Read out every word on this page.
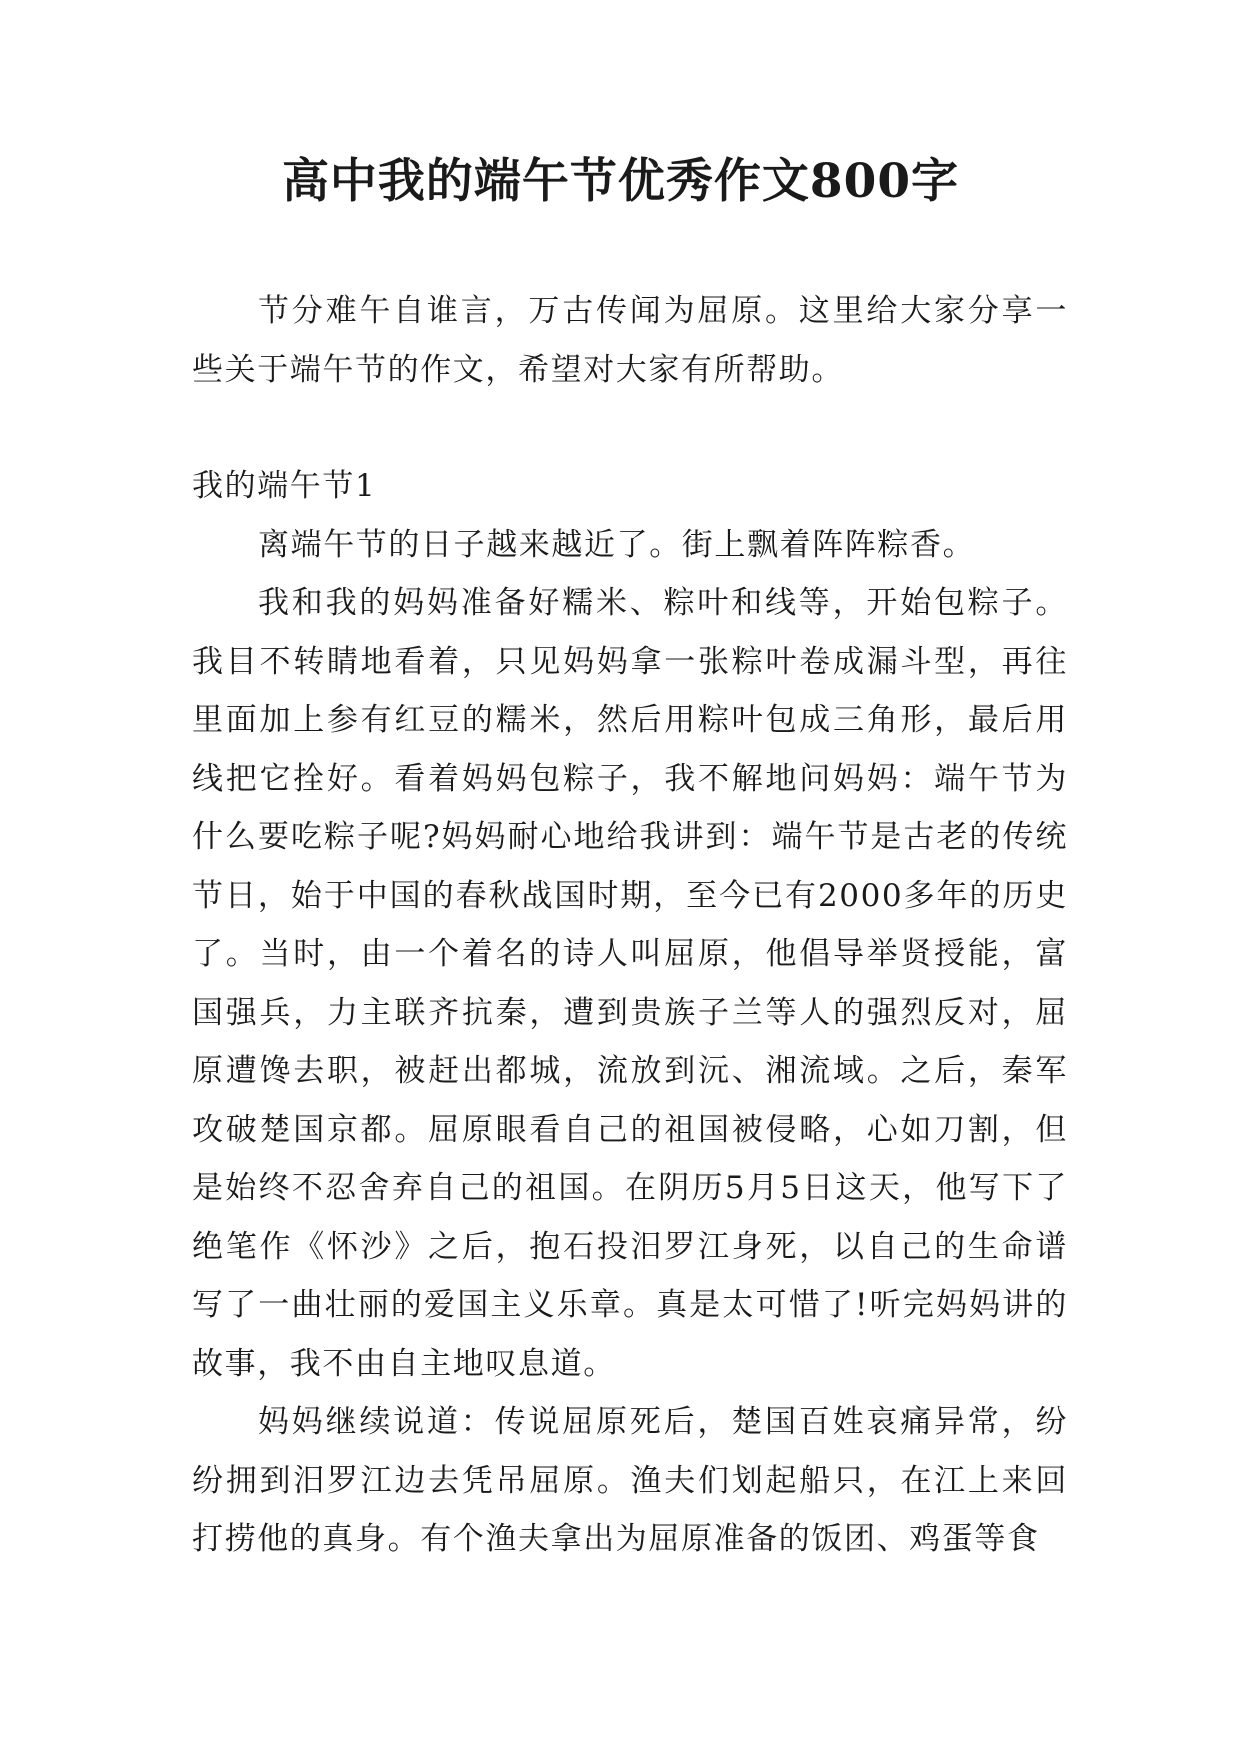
高中我的端午节优秀作文800字

节分难午自谁言，万古传闻为屈原。这里给大家分享一些关于端午节的作文，希望对大家有所帮助。

我的端午节1

离端午节的日子越来越近了。街上飘着阵阵粽香。

我和我的妈妈准备好糯米、粽叶和线等，开始包粽子。我目不转睛地看着，只见妈妈拿一张粽叶卷成漏斗型，再往里面加上参有红豆的糯米，然后用粽叶包成三角形，最后用线把它拴好。看着妈妈包粽子，我不解地问妈妈：端午节为什么要吃粽子呢?妈妈耐心地给我讲到：端午节是古老的传统节日，始于中国的春秋战国时期，至今已有2000多年的历史了。当时，由一个着名的诗人叫屈原，他倡导举贤授能，富国强兵，力主联齐抗秦，遭到贵族子兰等人的强烈反对，屈原遭馋去职，被赶出都城，流放到沅、湘流域。之后，秦军攻破楚国京都。屈原眼看自己的祖国被侵略，心如刀割，但是始终不忍舍弃自己的祖国。在阴历5月5日这天，他写下了绝笔作《怀沙》之后，抱石投汨罗江身死，以自己的生命谱写了一曲壮丽的爱国主义乐章。真是太可惜了!听完妈妈讲的故事，我不由自主地叹息道。

妈妈继续说道：传说屈原死后，楚国百姓哀痛异常，纷纷拥到汨罗江边去凭吊屈原。渔夫们划起船只，在江上来回打捞他的真身。有个渔夫拿出为屈原准备的饭团、鸡蛋等食
